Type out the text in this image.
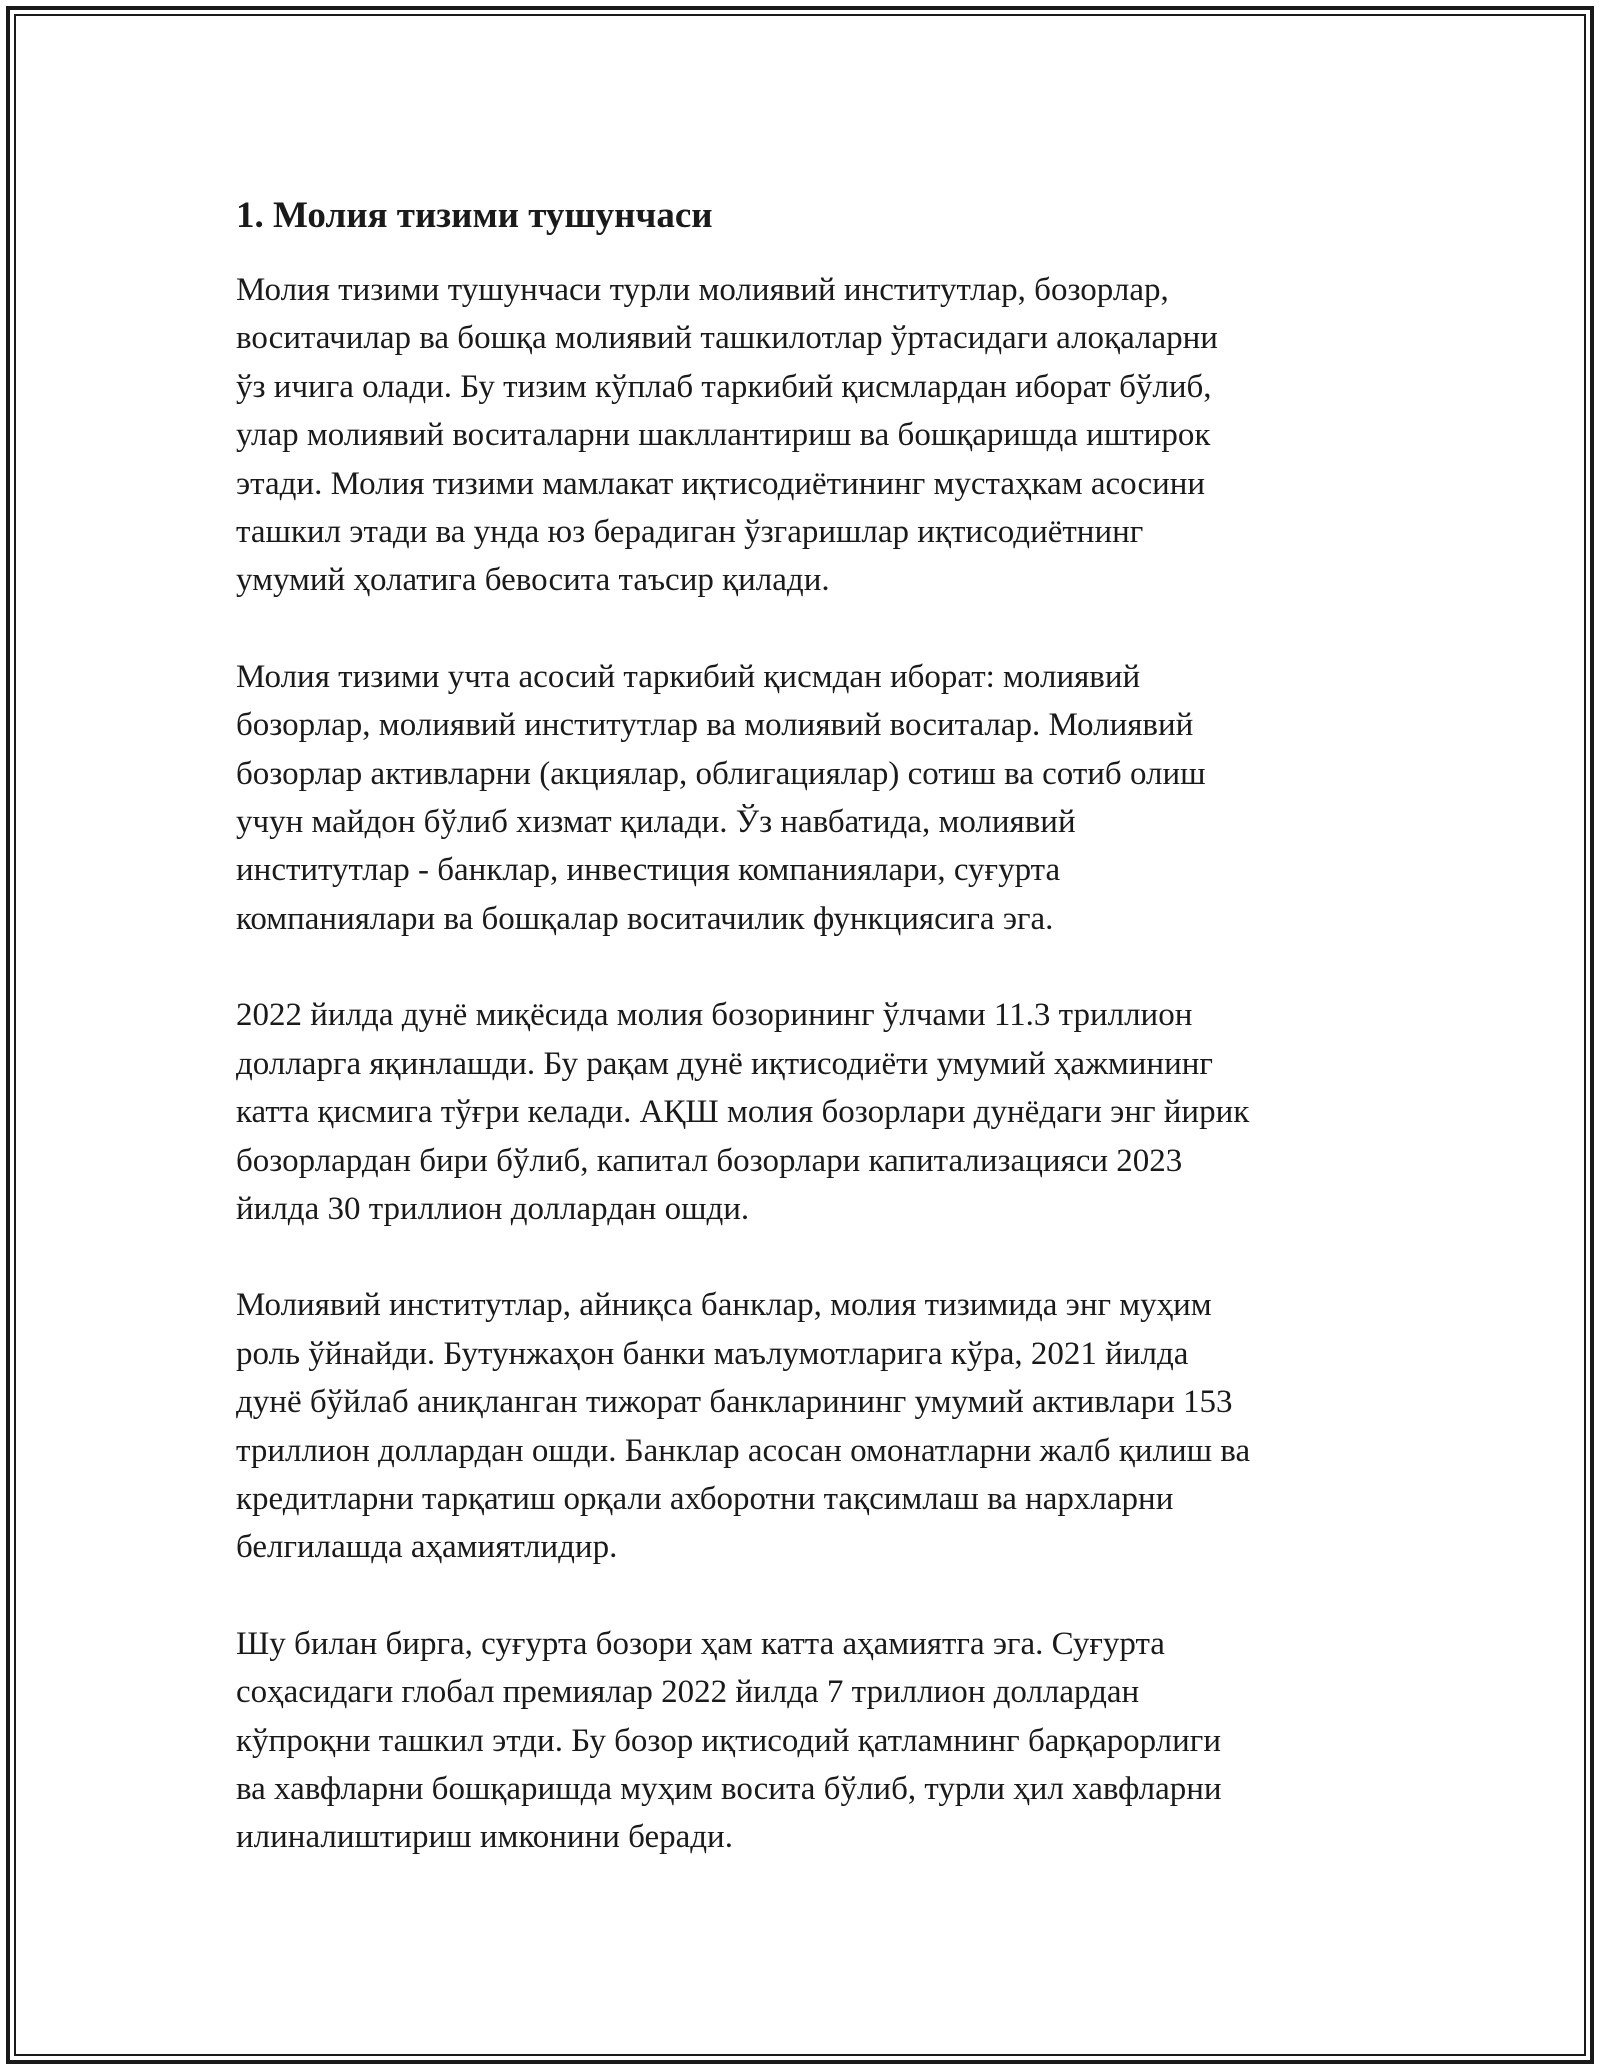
1. Молия тизими тушунчаси

Молия тизими тушунчаси турли молиявий институтлар, бозорлар,
воситачилар ва бошқа молиявий ташкилотлар ўртасидаги алоқаларни
ўз ичига олади. Бу тизим кўплаб таркибий қисмлардан иборат бўлиб,
улар молиявий воситаларни шакллантириш ва бошқаришда иштирок
этади. Молия тизими мамлакат иқтисодиётининг мустаҳкам асосини
ташкил этади ва унда юз берадиган ўзгаришлар иқтисодиётнинг
умумий ҳолатига бевосита таъсир қилади.

Молия тизими учта асосий таркибий қисмдан иборат: молиявий
бозорлар, молиявий институтлар ва молиявий воситалар. Молиявий
бозорлар активларни (акциялар, облигациялар) сотиш ва сотиб олиш
учун майдон бўлиб хизмат қилади. Ўз навбатида, молиявий
институтлар - банклар, инвестиция компаниялари, суғурта
компаниялари ва бошқалар воситачилик функциясига эга.

2022 йилда дунё миқёсида молия бозорининг ўлчами 11.3 триллион
долларга яқинлашди. Бу рақам дунё иқтисодиёти умумий ҳажмининг
катта қисмига тўғри келади. АҚШ молия бозорлари дунёдаги энг йирик
бозорлардан бири бўлиб, капитал бозорлари капитализацияси 2023
йилда 30 триллион доллардан ошди.

Молиявий институтлар, айниқса банклар, молия тизимида энг муҳим
роль ўйнайди. Бутунжаҳон банки маълумотларига кўра, 2021 йилда
дунё бўйлаб аниқланган тижорат банкларининг умумий активлари 153
триллион доллардан ошди. Банклар асосан омонатларни жалб қилиш ва
кредитларни тарқатиш орқали ахборотни тақсимлаш ва нархларни
белгилашда аҳамиятлидир.

Шу билан бирга, суғурта бозори ҳам катта аҳамиятга эга. Суғурта
соҳасидаги глобал премиялар 2022 йилда 7 триллион доллардан
кўпроқни ташкил этди. Бу бозор иқтисодий қатламнинг барқарорлиги
ва хавфларни бошқаришда муҳим восита бўлиб, турли ҳил хавфларни
илиналиштириш имконини беради.
